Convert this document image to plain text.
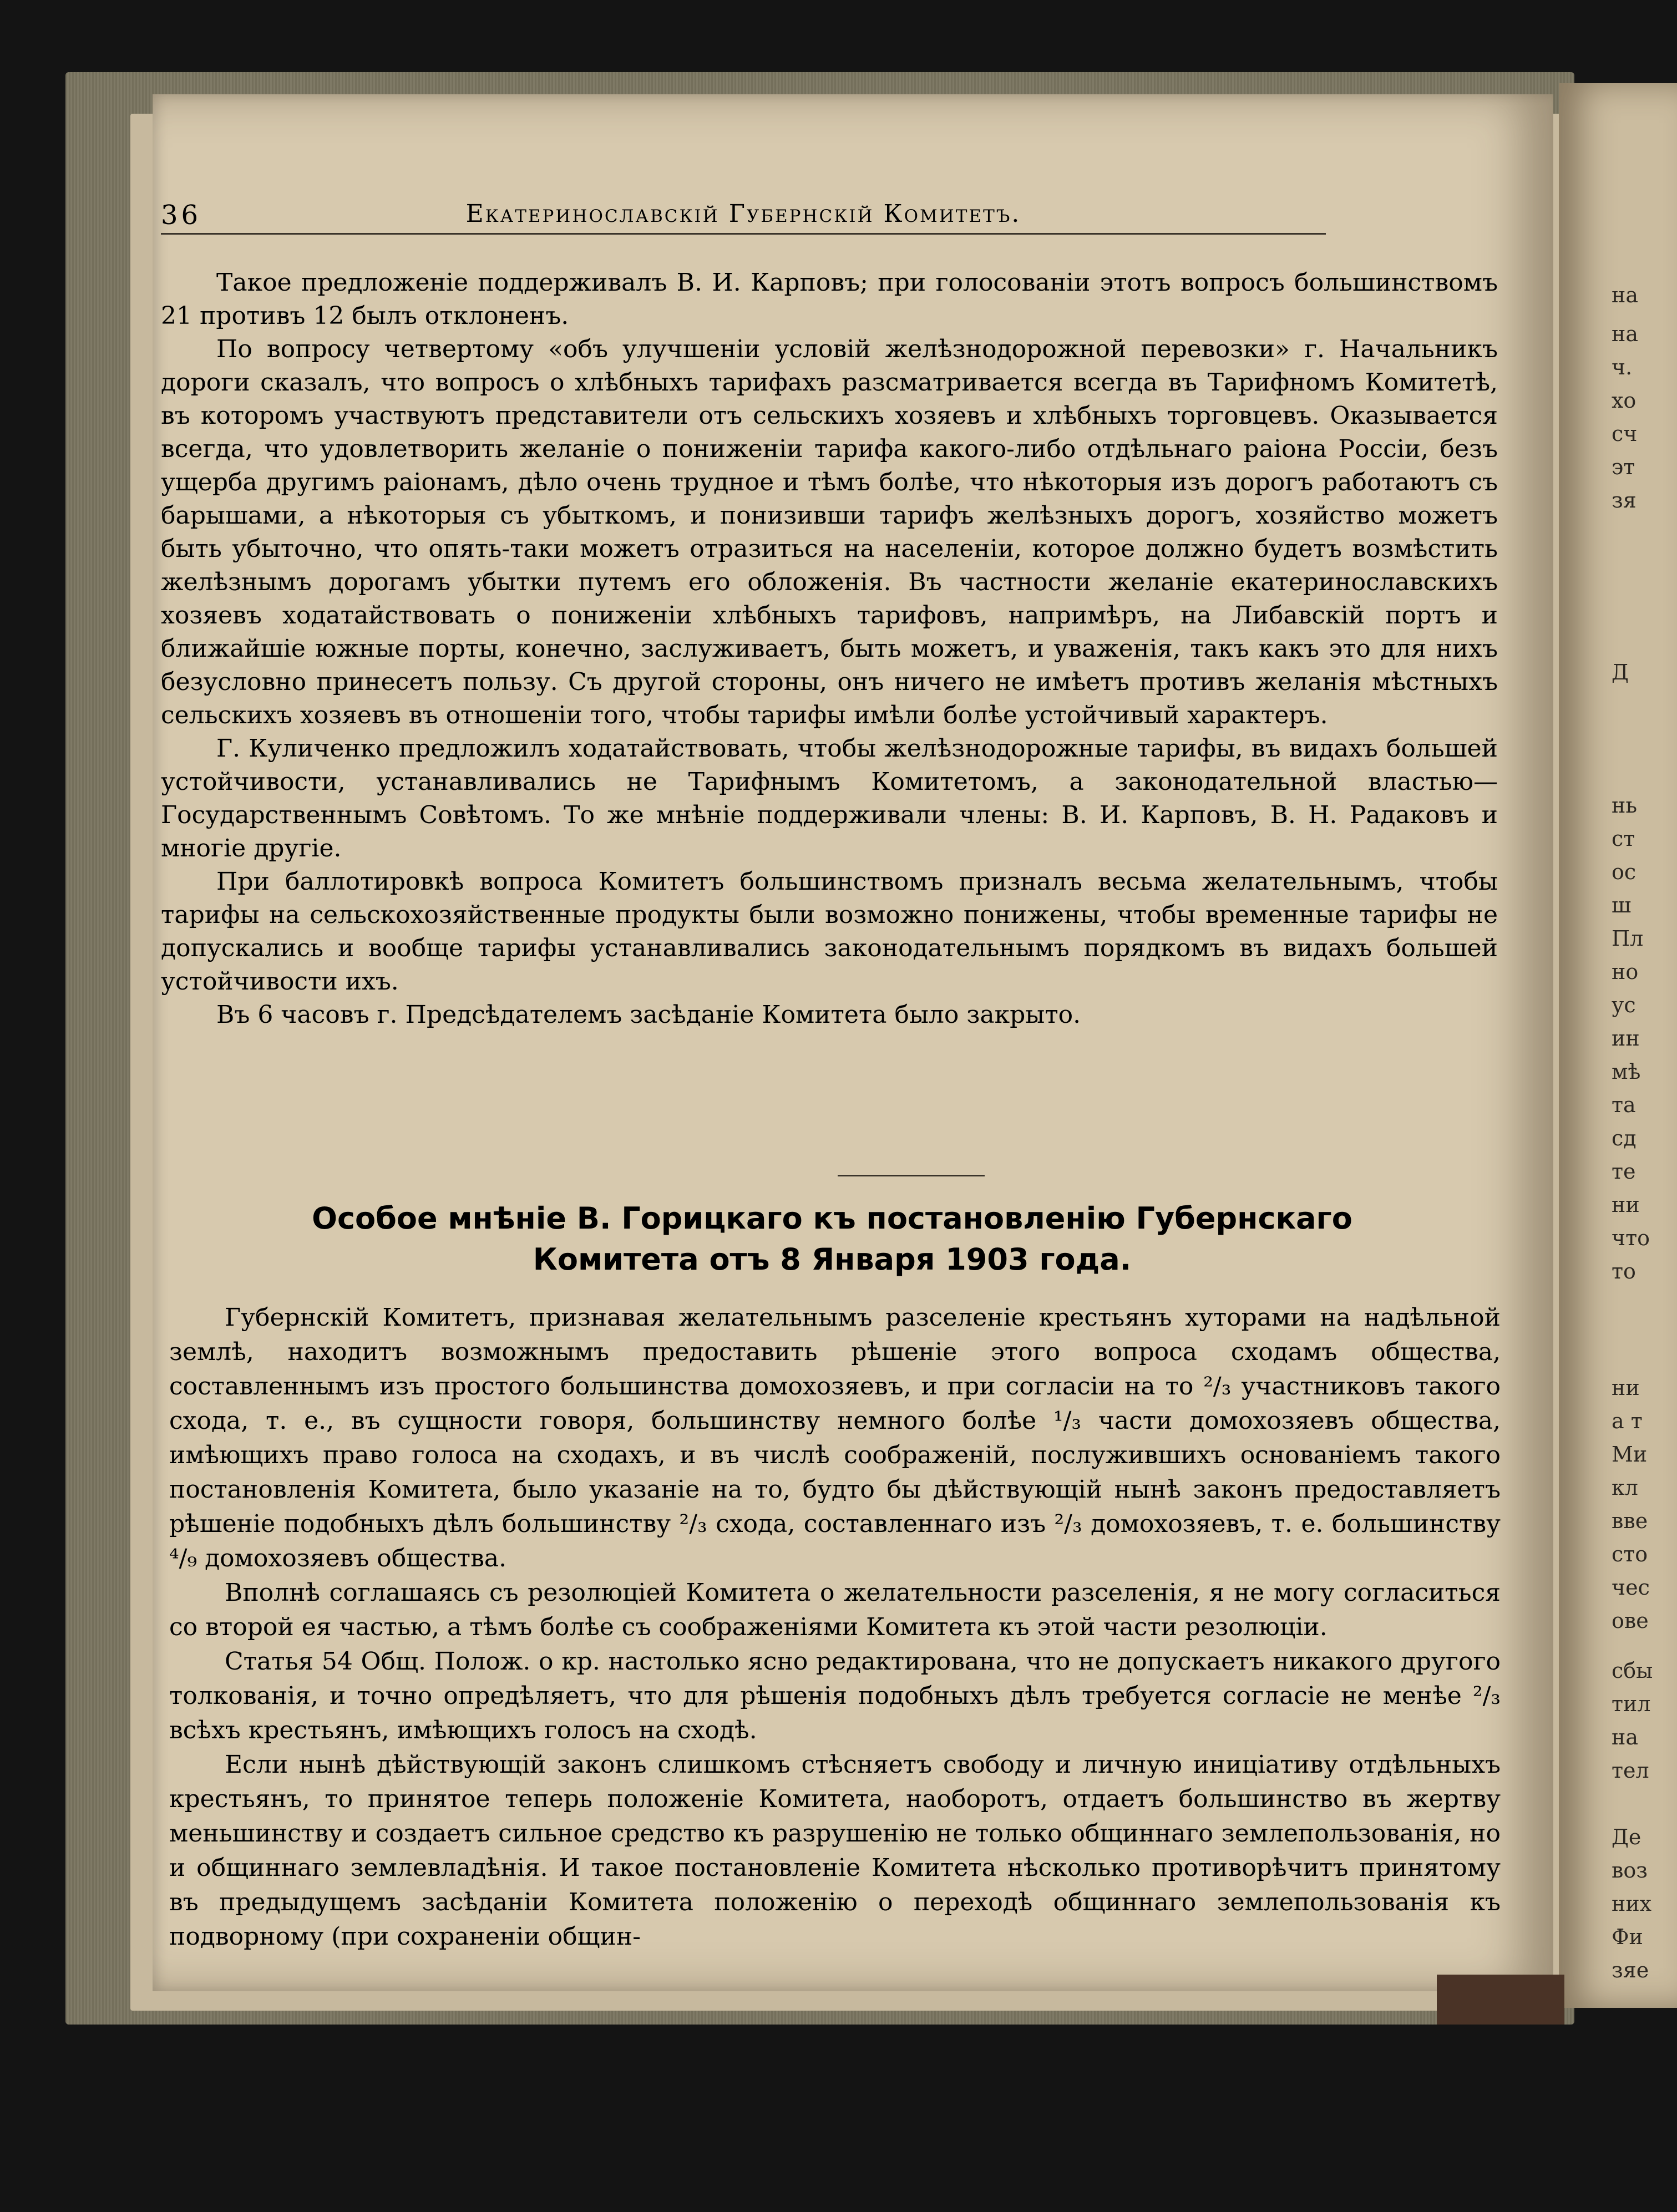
36	Екатеринославскій Губернскій Комитетъ.

Такое предложеніе поддерживалъ В. И. Карповъ; при голосованіи этотъ вопросъ большинствомъ 21 противъ 12 былъ отклоненъ.

По вопросу четвертому «объ улучшеніи условій желѣзнодорожной перевозки» г. Начальникъ дороги сказалъ, что вопросъ о хлѣбныхъ тарифахъ разсматривается всегда въ Тарифномъ Комитетѣ, въ которомъ участвуютъ представители отъ сельскихъ хозяевъ и хлѣбныхъ торговцевъ. Оказывается всегда, что удовлетворить желаніе о пониженіи тарифа какого-либо отдѣльнаго раіона Россіи, безъ ущерба другимъ раіонамъ, дѣло очень трудное и тѣмъ болѣе, что нѣкоторыя изъ дорогъ работаютъ съ барышами, а нѣкоторыя съ убыткомъ, и понизивши тарифъ желѣзныхъ дорогъ, хозяйство можетъ быть убыточно, что опять-таки можетъ отразиться на населеніи, которое должно будетъ возмѣстить желѣзнымъ дорогамъ убытки путемъ его обложенія. Въ частности желаніе екатеринославскихъ хозяевъ ходатайствовать о пониженіи хлѣбныхъ тарифовъ, напримѣръ, на Либавскій портъ и ближайшіе южные порты, конечно, заслуживаетъ, быть можетъ, и уваженія, такъ какъ это для нихъ безусловно принесетъ пользу. Съ другой стороны, онъ ничего не имѣетъ противъ желанія мѣстныхъ сельскихъ хозяевъ въ отношеніи того, чтобы тарифы имѣли болѣе устойчивый характеръ.

Г. Куличенко предложилъ ходатайствовать, чтобы желѣзнодорожные тарифы, въ видахъ большей устойчивости, устанавливались не Тарифнымъ Комитетомъ, а законодательной властью—Государственнымъ Совѣтомъ. То же мнѣніе поддерживали члены: В. И. Карповъ, В. Н. Радаковъ и многіе другіе.

При баллотировкѣ вопроса Комитетъ большинствомъ призналъ весьма желательнымъ, чтобы тарифы на сельскохозяйственные продукты были возможно понижены, чтобы временные тарифы не допускались и вообще тарифы устанавливались законодательнымъ порядкомъ въ видахъ большей устойчивости ихъ.

Въ 6 часовъ г. Предсѣдателемъ засѣданіе Комитета было закрыто.

Особое мнѣніе В. Горицкаго къ постановленію Губернскаго
Комитета отъ 8 Января 1903 года.

Губернскій Комитетъ, признавая желательнымъ разселеніе крестьянъ хуторами на надѣльной землѣ, находитъ возможнымъ предоставить рѣшеніе этого вопроса сходамъ общества, составленнымъ изъ простого большинства домохозяевъ, и при согласіи на то ²/₃ участниковъ такого схода, т. е., въ сущности говоря, большинству немного болѣе ¹/₃ части домохозяевъ общества, имѣющихъ право голоса на сходахъ, и въ числѣ соображеній, послужившихъ основаніемъ такого постановленія Комитета, было указаніе на то, будто бы дѣйствующій нынѣ законъ предоставляетъ рѣшеніе подобныхъ дѣлъ большинству ²/₃ схода, составленнаго изъ ²/₃ домохозяевъ, т. е. большинству ⁴/₉ домохозяевъ общества.

Вполнѣ соглашаясь съ резолюціей Комитета о желательности разселенія, я не могу согласиться со второй ея частью, а тѣмъ болѣе съ соображеніями Комитета къ этой части резолюціи.

Статья 54 Общ. Полож. о кр. настолько ясно редактирована, что не допускаетъ никакого другого толкованія, и точно опредѣляетъ, что для рѣшенія подобныхъ дѣлъ требуется согласіе не менѣе ²/₃ всѣхъ крестьянъ, имѣющихъ голосъ на сходѣ.

Если нынѣ дѣйствующій законъ слишкомъ стѣсняетъ свободу и личную иниціативу отдѣльныхъ крестьянъ, то принятое теперь положеніе Комитета, наоборотъ, отдаетъ большинство въ жертву меньшинству и создаетъ сильное средство къ разрушенію не только общиннаго землепользованія, но и общиннаго землевладѣнія. И такое постановленіе Комитета нѣсколько противорѣчитъ принятому въ предыдущемъ засѣданіи Комитета положенію о переходѣ общиннаго землепользованія къ подворному (при сохраненіи общин-

на
на
ч.
хо
сч
эт
зя
Д
нь
ст
ос
ш
Пл
но
ус
ин
мѣ
та
сд
те
ни
что
то
ни
а т
Ми
кл
вве
сто
чес
ове
сбы
тил
на
тел
Де
воз
них
Фи
зяе
